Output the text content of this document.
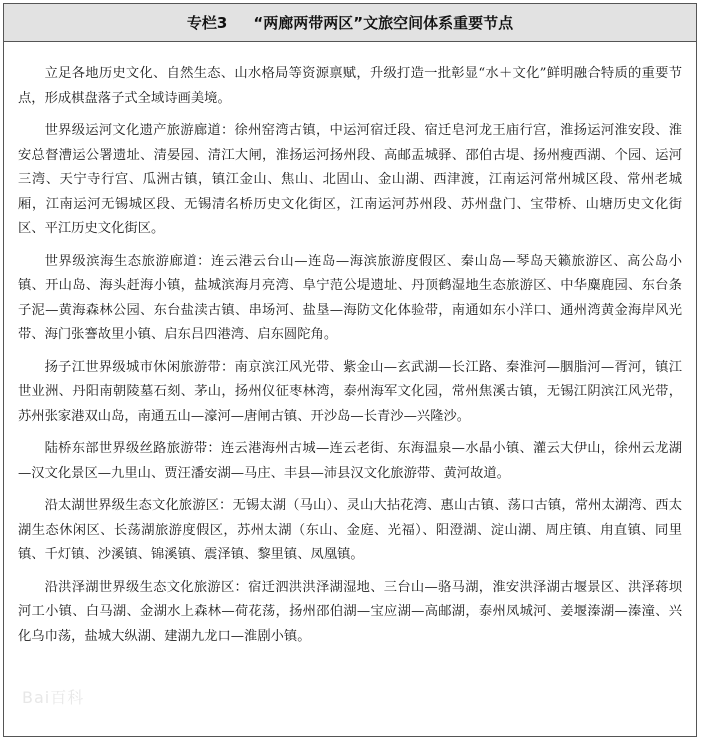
专栏3 “两廊两带两区”文旅空间体系重要节点

立足各地历史文化、自然生态、山水格局等资源禀赋，升级打造一批彰显“水＋文化”鲜明融合特质的重要节点，形成棋盘落子式全域诗画美境。

世界级运河文化遗产旅游廊道：徐州窑湾古镇，中运河宿迁段、宿迁皂河龙王庙行宫，淮扬运河淮安段、淮安总督漕运公署遗址、清晏园、清江大闸，淮扬运河扬州段、高邮盂城驿、邵伯古堤、扬州瘦西湖、个园、运河三湾、天宁寺行宫、瓜洲古镇，镇江金山、焦山、北固山、金山湖、西津渡，江南运河常州城区段、常州老城厢，江南运河无锡城区段、无锡清名桥历史文化街区，江南运河苏州段、苏州盘门、宝带桥、山塘历史文化街区、平江历史文化街区。

世界级滨海生态旅游廊道：连云港云台山—连岛—海滨旅游度假区、秦山岛—琴岛天籁旅游区、高公岛小镇、开山岛、海头赶海小镇，盐城滨海月亮湾、阜宁范公堤遗址、丹顶鹤湿地生态旅游区、中华麋鹿园、东台条子泥—黄海森林公园、东台盐渎古镇、串场河、盐垦—海防文化体验带，南通如东小洋口、通州湾黄金海岸风光带、海门张謇故里小镇、启东吕四港湾、启东圆陀角。

扬子江世界级城市休闲旅游带：南京滨江风光带、紫金山—玄武湖—长江路、秦淮河—胭脂河—胥河，镇江世业洲、丹阳南朝陵墓石刻、茅山，扬州仪征枣林湾，泰州海军文化园，常州焦溪古镇，无锡江阴滨江风光带，苏州张家港双山岛，南通五山—濠河—唐闸古镇、开沙岛—长青沙—兴隆沙。

陆桥东部世界级丝路旅游带：连云港海州古城—连云老街、东海温泉—水晶小镇、灌云大伊山，徐州云龙湖—汉文化景区—九里山、贾汪潘安湖—马庄、丰县—沛县汉文化旅游带、黄河故道。

沿太湖世界级生态文化旅游区：无锡太湖（马山）、灵山大拈花湾、惠山古镇、荡口古镇，常州太湖湾、西太湖生态休闲区、长荡湖旅游度假区，苏州太湖（东山、金庭、光福）、阳澄湖、淀山湖、周庄镇、甪直镇、同里镇、千灯镇、沙溪镇、锦溪镇、震泽镇、黎里镇、凤凰镇。

沿洪泽湖世界级生态文化旅游区：宿迁泗洪洪泽湖湿地、三台山—骆马湖，淮安洪泽湖古堰景区、洪泽蒋坝河工小镇、白马湖、金湖水上森林—荷花荡，扬州邵伯湖—宝应湖—高邮湖，泰州凤城河、姜堰溱湖—溱潼、兴化乌巾荡，盐城大纵湖、建湖九龙口—淮剧小镇。

Bai百科
